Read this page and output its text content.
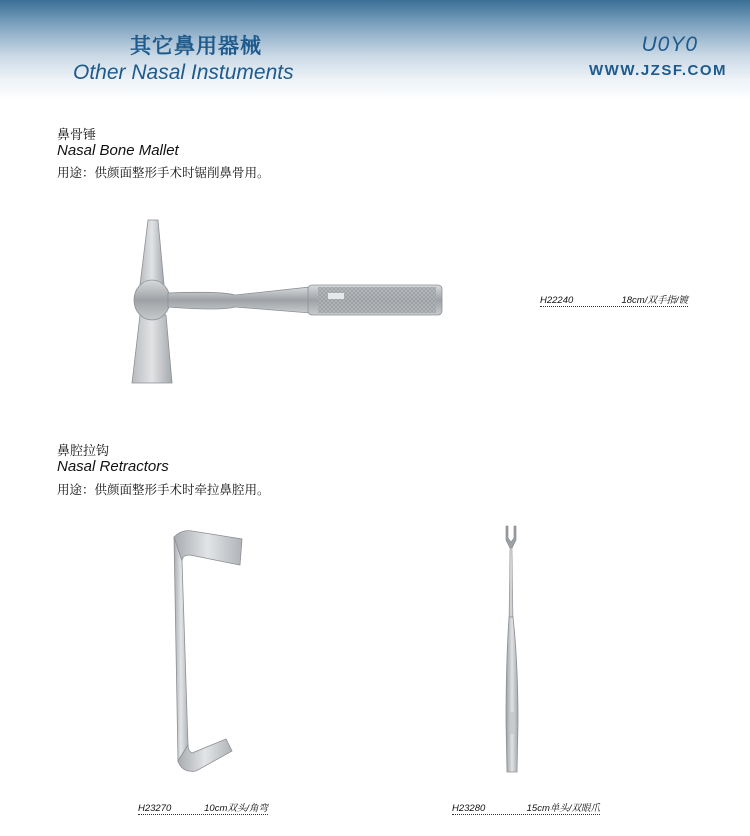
其它鼻用器械
Other Nasal Instuments
U0Y0
WWW.JZSF.COM
鼻骨锤
Nasal Bone Mallet
用途：供颜面整形手术时锯削鼻骨用。
H22240	18cm/双手指/镀
鼻腔拉钩
Nasal Retractors
用途：供颜面整形手术时牵拉鼻腔用。
H23270	10cm双头/角弯	H23280	15cm单头/双眼爪
